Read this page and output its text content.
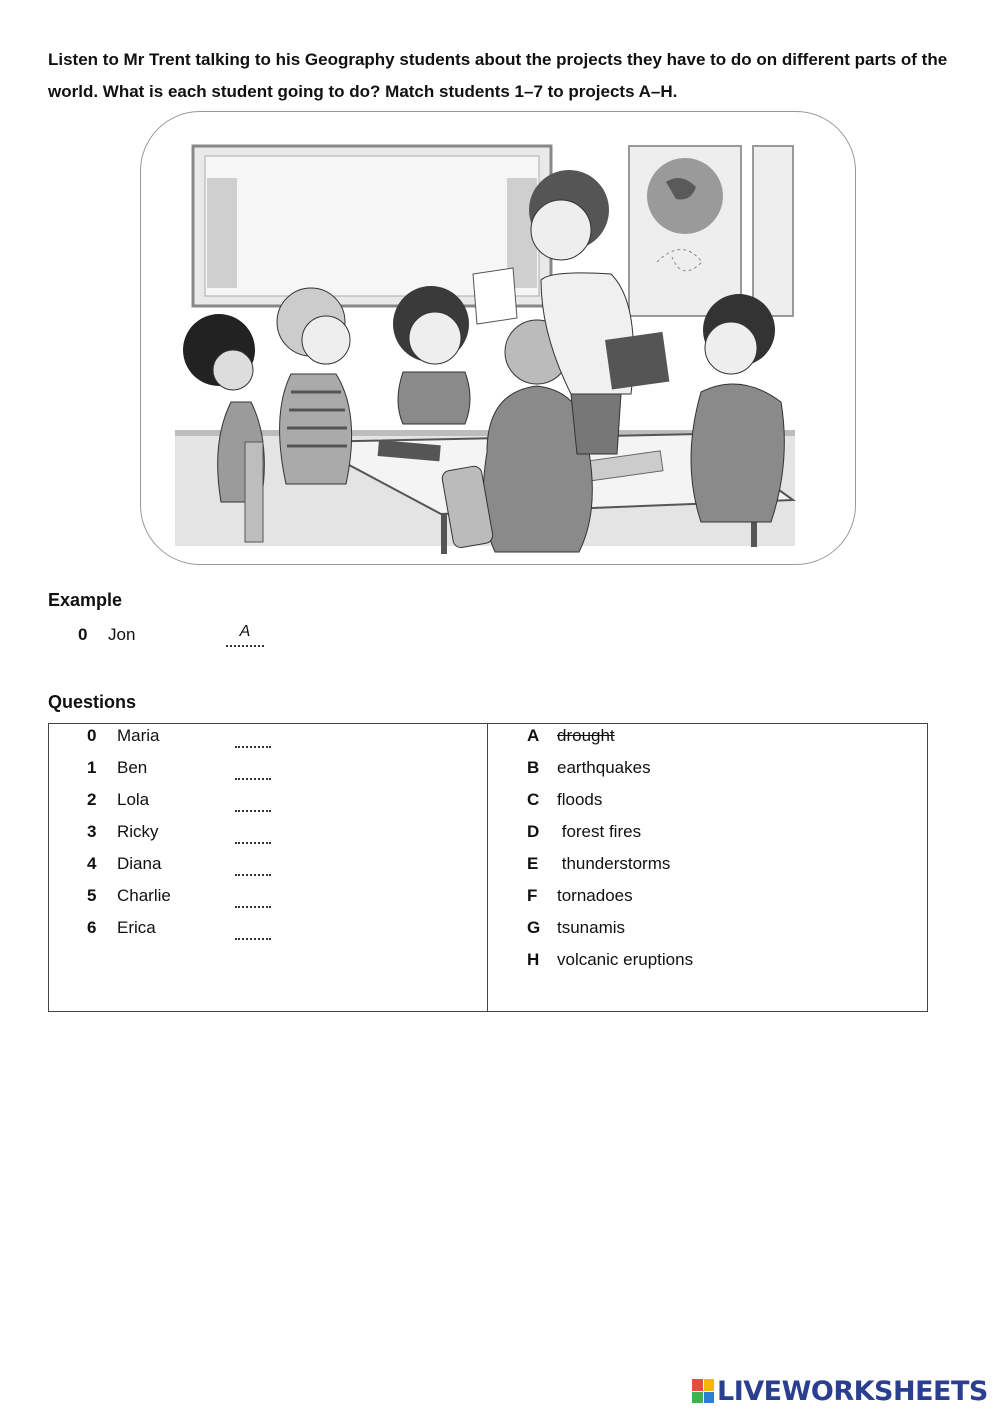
Listen to Mr Trent talking to his Geography students about the projects they have to do on different parts of the world. What is each student going to do? Match students 1–7 to projects A–H.

Example

0 Jon	A

Questions

0	Maria
1	Ben
2	Lola
3	Ricky
4	Diana
5	Charlie
6	Erica
A	drought
B	earthquakes
C	floods
D	forest fires
E	thunderstorms
F	tornadoes
G tsunamis
H	volcanic eruptions
LIVEWORKSHEETS
